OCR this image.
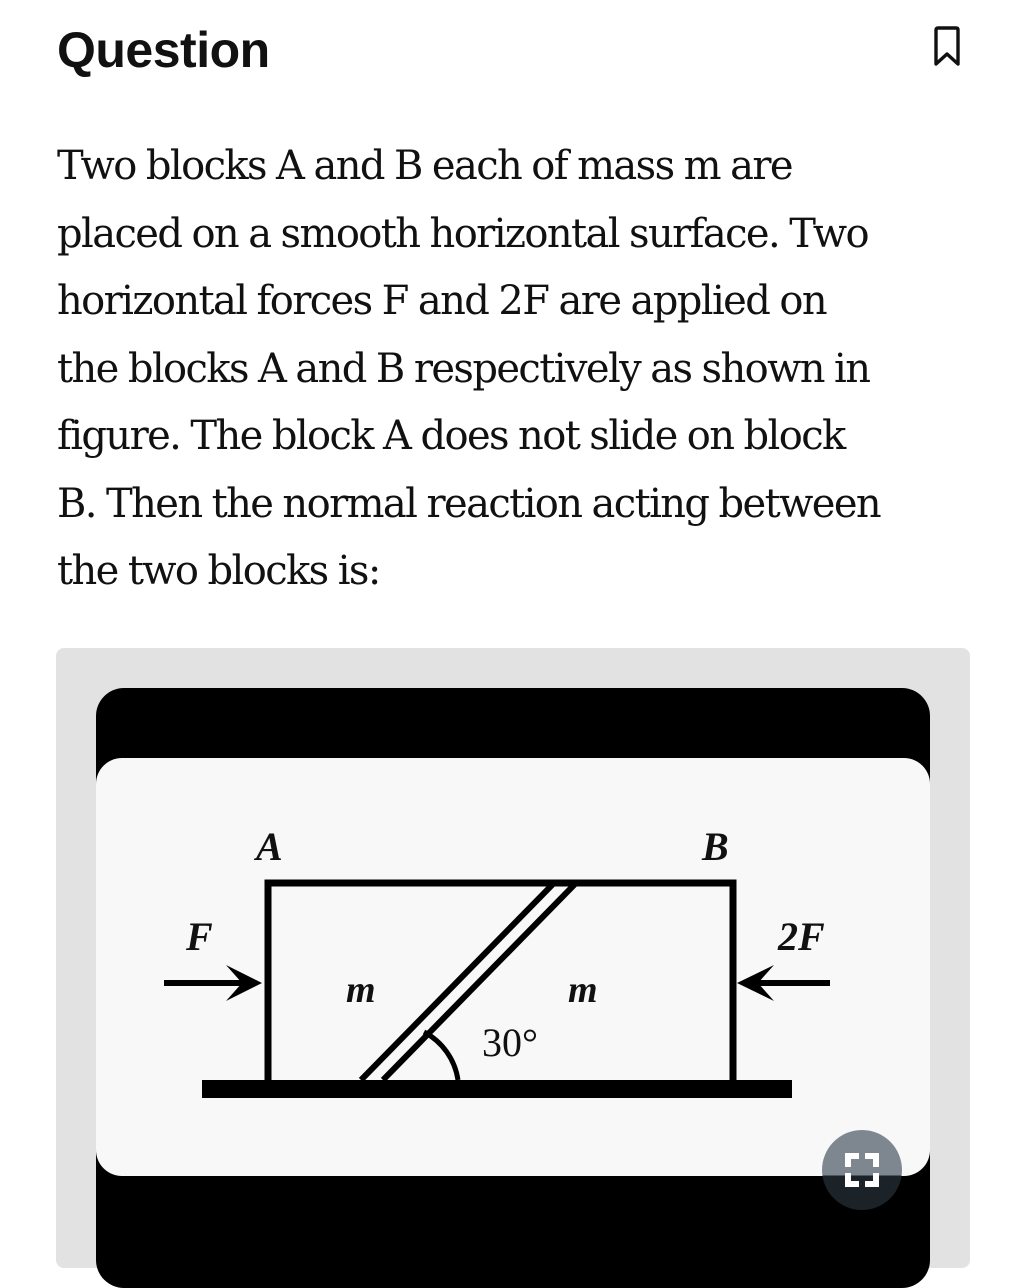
Question

Two blocks A and B each of mass m are

placed on a smooth horizontal surface. Two

horizontal forces F and 2F are applied on

the blocks A and B respectively as shown in

figure. The block A does not slide on block

B. Then the normal reaction acting between

the two blocks is:

A	B
F	2F
m	m
30°
